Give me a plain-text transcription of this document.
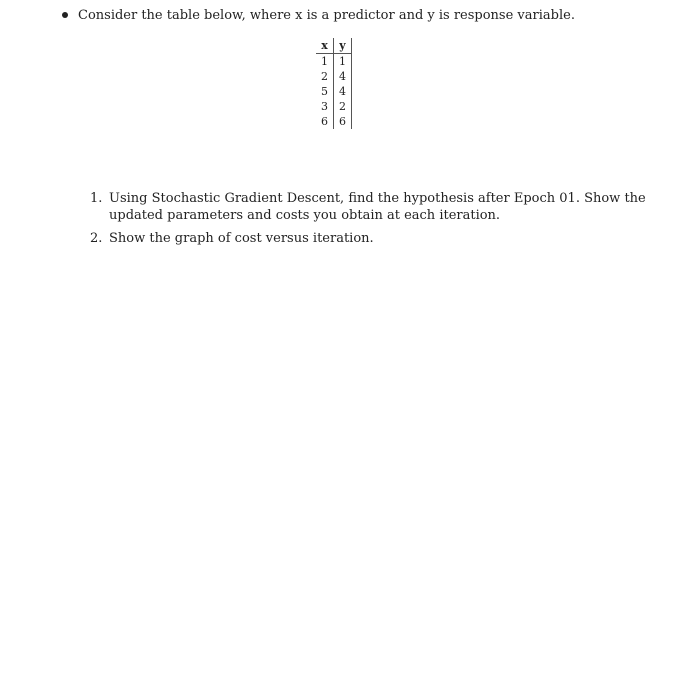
Consider the table below, where x is a predictor and y is response variable.
x	y
1	1
2	4
5	4
3	2
6	6
1. Using Stochastic Gradient Descent, find the hypothesis after Epoch 01. Show the updated parameters and costs you obtain at each iteration.
2. Show the graph of cost versus iteration.
